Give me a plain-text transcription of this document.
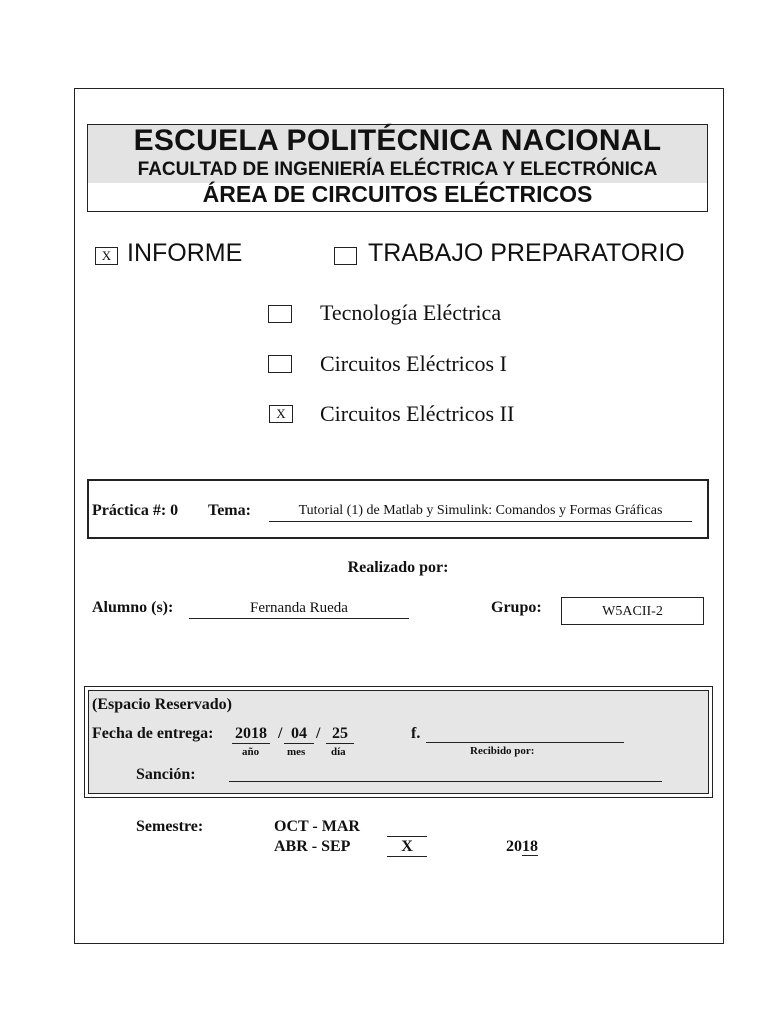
ESCUELA POLITÉCNICA NACIONAL
FACULTAD DE INGENIERÍA ELÉCTRICA Y ELECTRÓNICA
ÁREA DE CIRCUITOS ELÉCTRICOS
X INFORME	TRABAJO PREPARATORIO
Tecnología Eléctrica
Circuitos Eléctricos I
X	Circuitos Eléctricos II
Práctica #: 0 Tema:	Tutorial (1) de Matlab y Simulink: Comandos y Formas Gráficas
Realizado por:
Alumno (s):	Fernanda Rueda	Grupo:	W5ACII-2
(Espacio Reservado)
Fecha de entrega: 2018 / 04 / 25
año	mes día
f.
Recibido por:
Sanción:
Semestre:	OCT - MAR
ABR - SEP	X	2018
